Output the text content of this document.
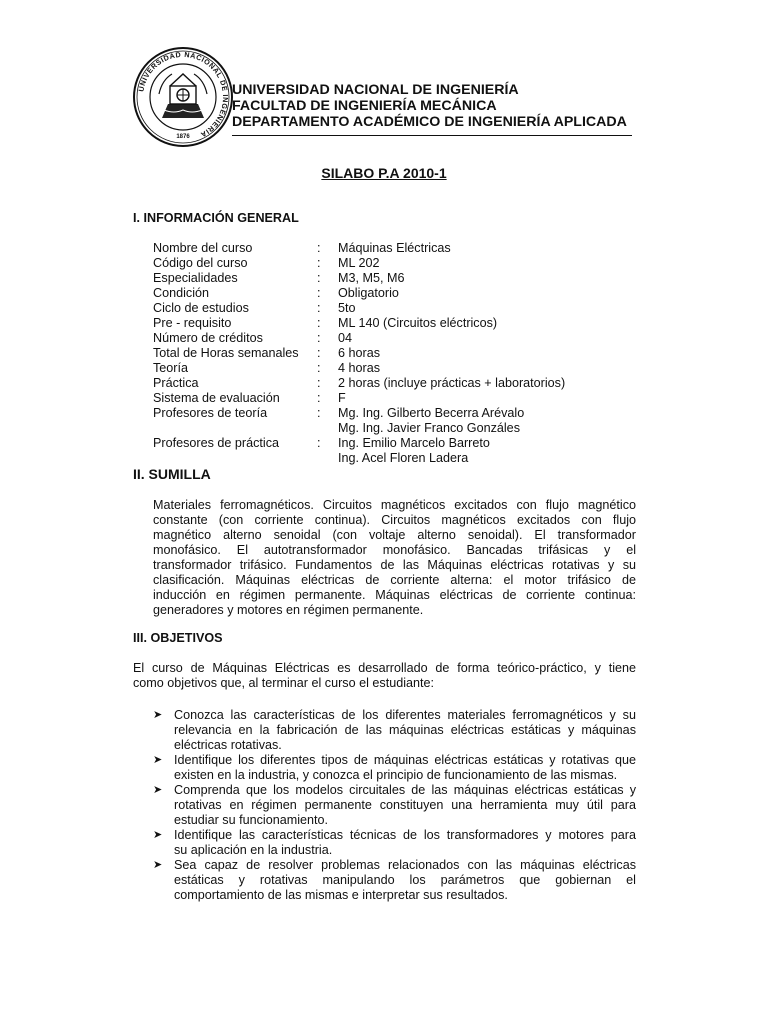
UNIVERSIDAD NACIONAL DE INGENIERIA
1876
UNIVERSIDAD NACIONAL DE INGENIERÍA
FACULTAD DE INGENIERÍA MECÁNICA
DEPARTAMENTO ACADÉMICO DE INGENIERÍA APLICADA
SILABO P.A 2010-1
I. INFORMACIÓN GENERAL
Nombre del curso	: Máquinas Eléctricas
Código del curso	: ML 202
Especialidades	: M3, M5, M6
Condición	: Obligatorio
Ciclo de estudios	: 5to
Pre - requisito	: ML 140 (Circuitos eléctricos)
Número de créditos	: 04
Total de Horas semanales : 6 horas
Teoría	: 4 horas
Práctica	: 2 horas (incluye prácticas + laboratorios)
Sistema de evaluación	: F
Profesores de teoría	: Mg. Ing. Gilberto Becerra Arévalo
Mg. Ing. Javier Franco Gonzáles
Profesores de práctica	: Ing. Emilio Marcelo Barreto
Ing. Acel Floren Ladera
II. SUMILLA
Materiales ferromagnéticos. Circuitos magnéticos excitados con flujo magnético
constante (con corriente continua). Circuitos magnéticos excitados con flujo
magnético alterno senoidal (con voltaje alterno senoidal). El transformador
monofásico. El autotransformador monofásico. Bancadas trifásicas y el
transformador trifásico. Fundamentos de las Máquinas eléctricas rotativas y su
clasificación. Máquinas eléctricas de corriente alterna: el motor trifásico de
inducción en régimen permanente. Máquinas eléctricas de corriente continua:
generadores y motores en régimen permanente.
III. OBJETIVOS
El curso de Máquinas Eléctricas es desarrollado de forma teórico-práctico, y tiene
como objetivos que, al terminar el curso el estudiante:
➤ Conozca las características de los diferentes materiales ferromagnéticos y su
relevancia en la fabricación de las máquinas eléctricas estáticas y máquinas
eléctricas rotativas.
➤ Identifique los diferentes tipos de máquinas eléctricas estáticas y rotativas que
existen en la industria, y conozca el principio de funcionamiento de las mismas.
➤ Comprenda que los modelos circuitales de las máquinas eléctricas estáticas y
rotativas en régimen permanente constituyen una herramienta muy útil para
estudiar su funcionamiento.
➤ Identifique las características técnicas de los transformadores y motores para
su aplicación en la industria.
➤ Sea capaz de resolver problemas relacionados con las máquinas eléctricas
estáticas y rotativas manipulando los parámetros que gobiernan el
comportamiento de las mismas e interpretar sus resultados.
